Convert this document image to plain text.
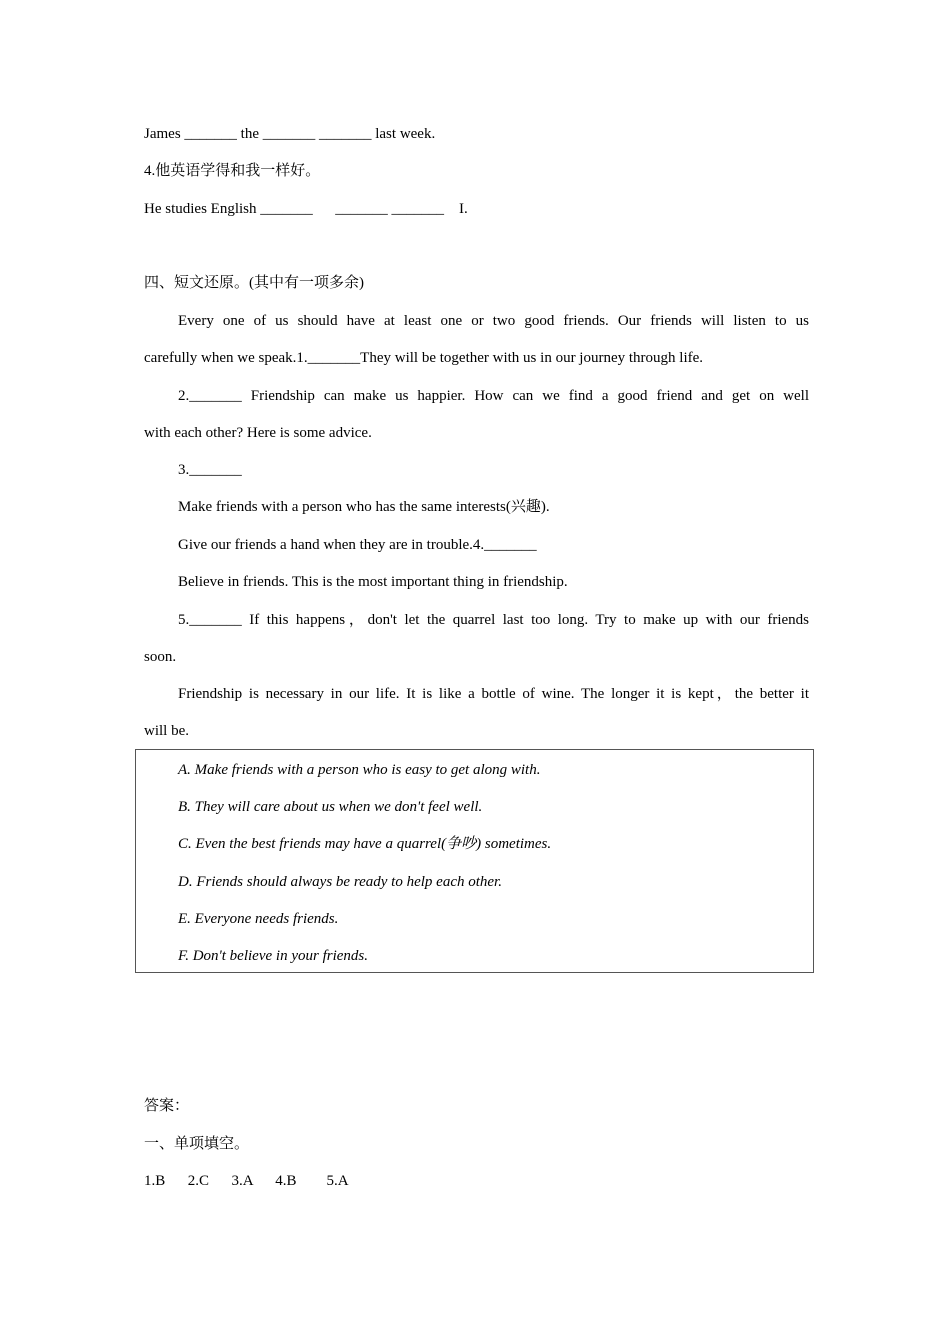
James _______ the _______ _______ last week.
4.他英语学得和我一样好。
He studies English _______      _______ _______    I.
四、短文还原。(其中有一项多余)
Every one of us should have at least one or two good friends. Our friends will listen to us
carefully when we speak.1._______They will be together with us in our journey through life.
2._______ Friendship can make us happier. How can we find a good friend and get on well
with each other? Here is some advice.
3._______
Make friends with a person who has the same interests(兴趣).
Give our friends a hand when they are in trouble.4._______
Believe in friends. This is the most important thing in friendship.
5._______ If this happens，don't let the quarrel last too long. Try to make up with our friends
soon.
Friendship is necessary in our life. It is like a bottle of wine. The longer it is kept，the better it
will be.
A. Make friends with a person who is easy to get along with.
B. They will care about us when we don't feel well.
C. Even the best friends may have a quarrel(争吵) sometimes.
D. Friends should always be ready to help each other.
E. Everyone needs friends.
F. Don't believe in your friends.
答案：
一、单项填空。
1.B      2.C      3.A      4.B        5.A
